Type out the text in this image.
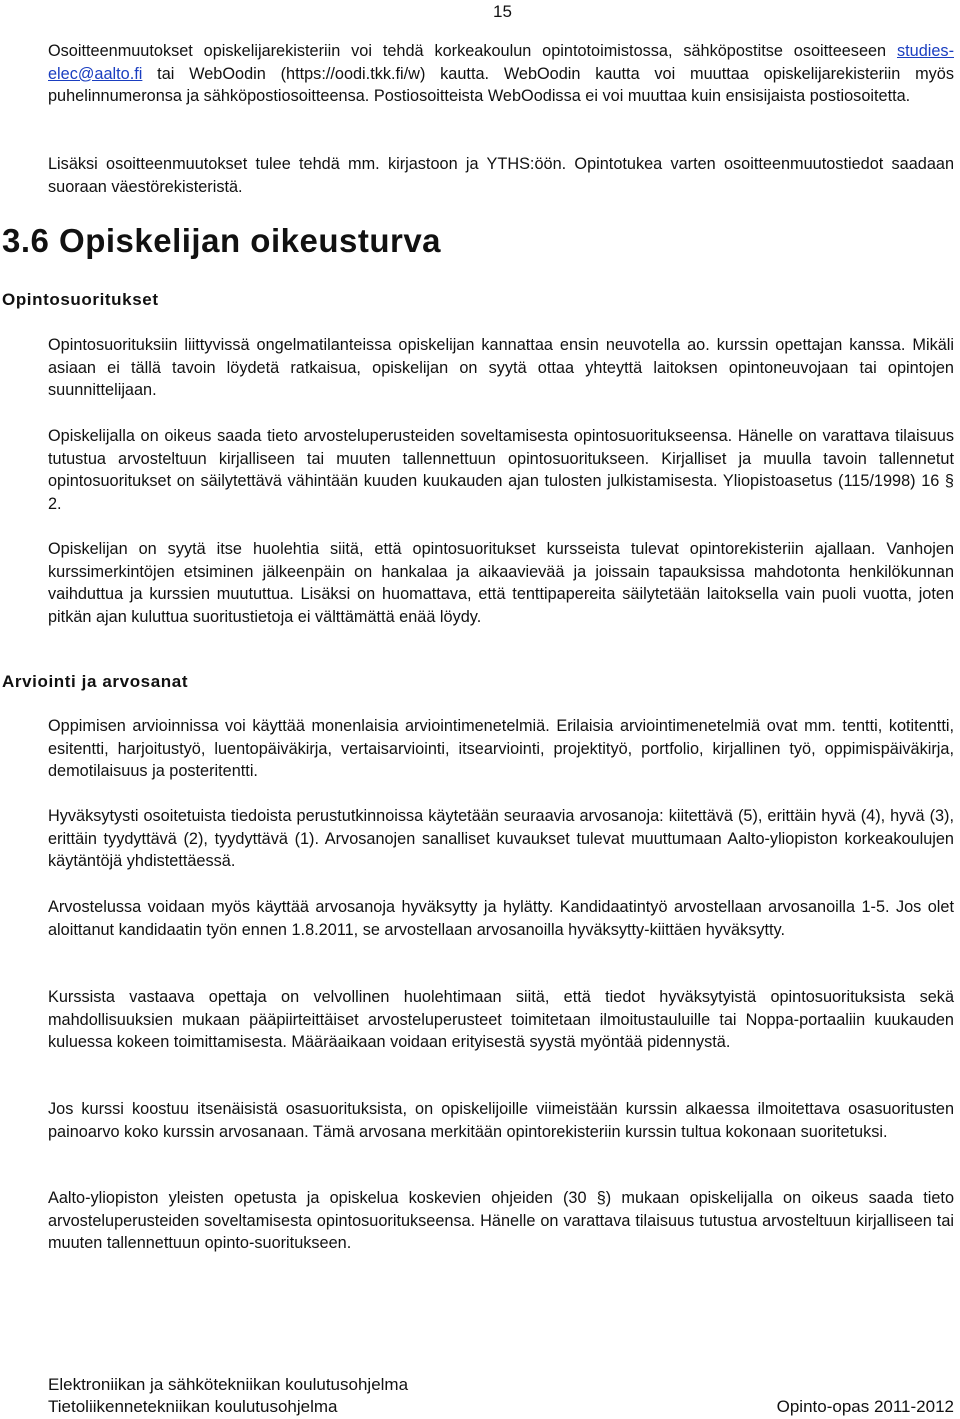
15
Osoitteenmuutokset opiskelijarekisteriin voi tehdä korkeakoulun opintotoimistossa, sähköpostitse osoitteeseen studies-elec@aalto.fi tai WebOodin (https://oodi.tkk.fi/w) kautta. WebOodin kautta voi muuttaa opiskelijarekisteriin myös puhelinnumeronsa ja sähköpostiosoitteensa. Postiosoitteista WebOodissa ei voi muuttaa kuin ensisijaista postiosoitetta.
Lisäksi osoitteenmuutokset tulee tehdä mm. kirjastoon ja YTHS:öön. Opintotukea varten osoitteenmuutostiedot saadaan suoraan väestörekisteristä.
3.6 Opiskelijan oikeusturva
Opintosuoritukset
Opintosuorituksiin liittyvissä ongelmatilanteissa opiskelijan kannattaa ensin neuvotella ao. kurssin opettajan kanssa. Mikäli asiaan ei tällä tavoin löydetä ratkaisua, opiskelijan on syytä ottaa yhteyttä laitoksen opintoneuvojaan tai opintojen suunnittelijaan.
Opiskelijalla on oikeus saada tieto arvosteluperusteiden soveltamisesta opintosuoritukseensa. Hänelle on varattava tilaisuus tutustua arvosteltuun kirjalliseen tai muuten tallennettuun opintosuoritukseen. Kirjalliset ja muulla tavoin tallennetut opintosuoritukset on säilytettävä vähintään kuuden kuukauden ajan tulosten julkistamisesta. Yliopistoasetus (115/1998) 16 § 2.
Opiskelijan on syytä itse huolehtia siitä, että opintosuoritukset kursseista tulevat opintorekisteriin ajallaan. Vanhojen kurssimerkintöjen etsiminen jälkeenpäin on hankalaa ja aikaavievää ja joissain tapauksissa mahdotonta henkilökunnan vaihduttua ja kurssien muututtua. Lisäksi on huomattava, että tenttipapereita säilytetään laitoksella vain puoli vuotta, joten pitkän ajan kuluttua suoritustietoja ei välttämättä enää löydy.
Arviointi ja arvosanat
Oppimisen arvioinnissa voi käyttää monenlaisia arviointimenetelmiä. Erilaisia arviointimenetelmiä ovat mm. tentti, kotitentti, esitentti, harjoitustyö, luentopäiväkirja, vertaisarviointi, itsearviointi, projektityö, portfolio, kirjallinen työ, oppimispäiväkirja, demotilaisuus ja posteritentti.
Hyväksytysti osoitetuista tiedoista perustutkinnoissa käytetään seuraavia arvosanoja: kiitettävä (5), erittäin hyvä (4), hyvä (3), erittäin tyydyttävä (2), tyydyttävä (1). Arvosanojen sanalliset kuvaukset tulevat muuttumaan Aalto-yliopiston korkeakoulujen käytäntöjä yhdistettäessä.
Arvostelussa voidaan myös käyttää arvosanoja hyväksytty ja hylätty. Kandidaatintyö arvostellaan arvosanoilla 1-5. Jos olet aloittanut kandidaatin työn ennen 1.8.2011, se arvostellaan arvosanoilla hyväksytty-kiittäen hyväksytty.
Kurssista vastaava opettaja on velvollinen huolehtimaan siitä, että tiedot hyväksytyistä opintosuorituksista sekä mahdollisuuksien mukaan pääpiirteittäiset arvosteluperusteet toimitetaan ilmoitustauluille tai Noppa-portaaliin kuukauden kuluessa kokeen toimittamisesta. Määräaikaan voidaan erityisestä syystä myöntää pidennystä.
Jos kurssi koostuu itsenäisistä osasuorituksista, on opiskelijoille viimeistään kurssin alkaessa ilmoitettava osasuoritusten painoarvo koko kurssin arvosanaan. Tämä arvosana merkitään opintorekisteriin kurssin tultua kokonaan suoritetuksi.
Aalto-yliopiston yleisten opetusta ja opiskelua koskevien ohjeiden (30 §) mukaan opiskelijalla on oikeus saada tieto arvosteluperusteiden soveltamisesta opintosuoritukseensa. Hänelle on varattava tilaisuus tutustua arvosteltuun kirjalliseen tai muuten tallennettuun opinto-suoritukseen.
Elektroniikan ja sähkötekniikan koulutusohjelma
Tietoliikennetekniikan koulutusohjelma	Opinto-opas 2011-2012
